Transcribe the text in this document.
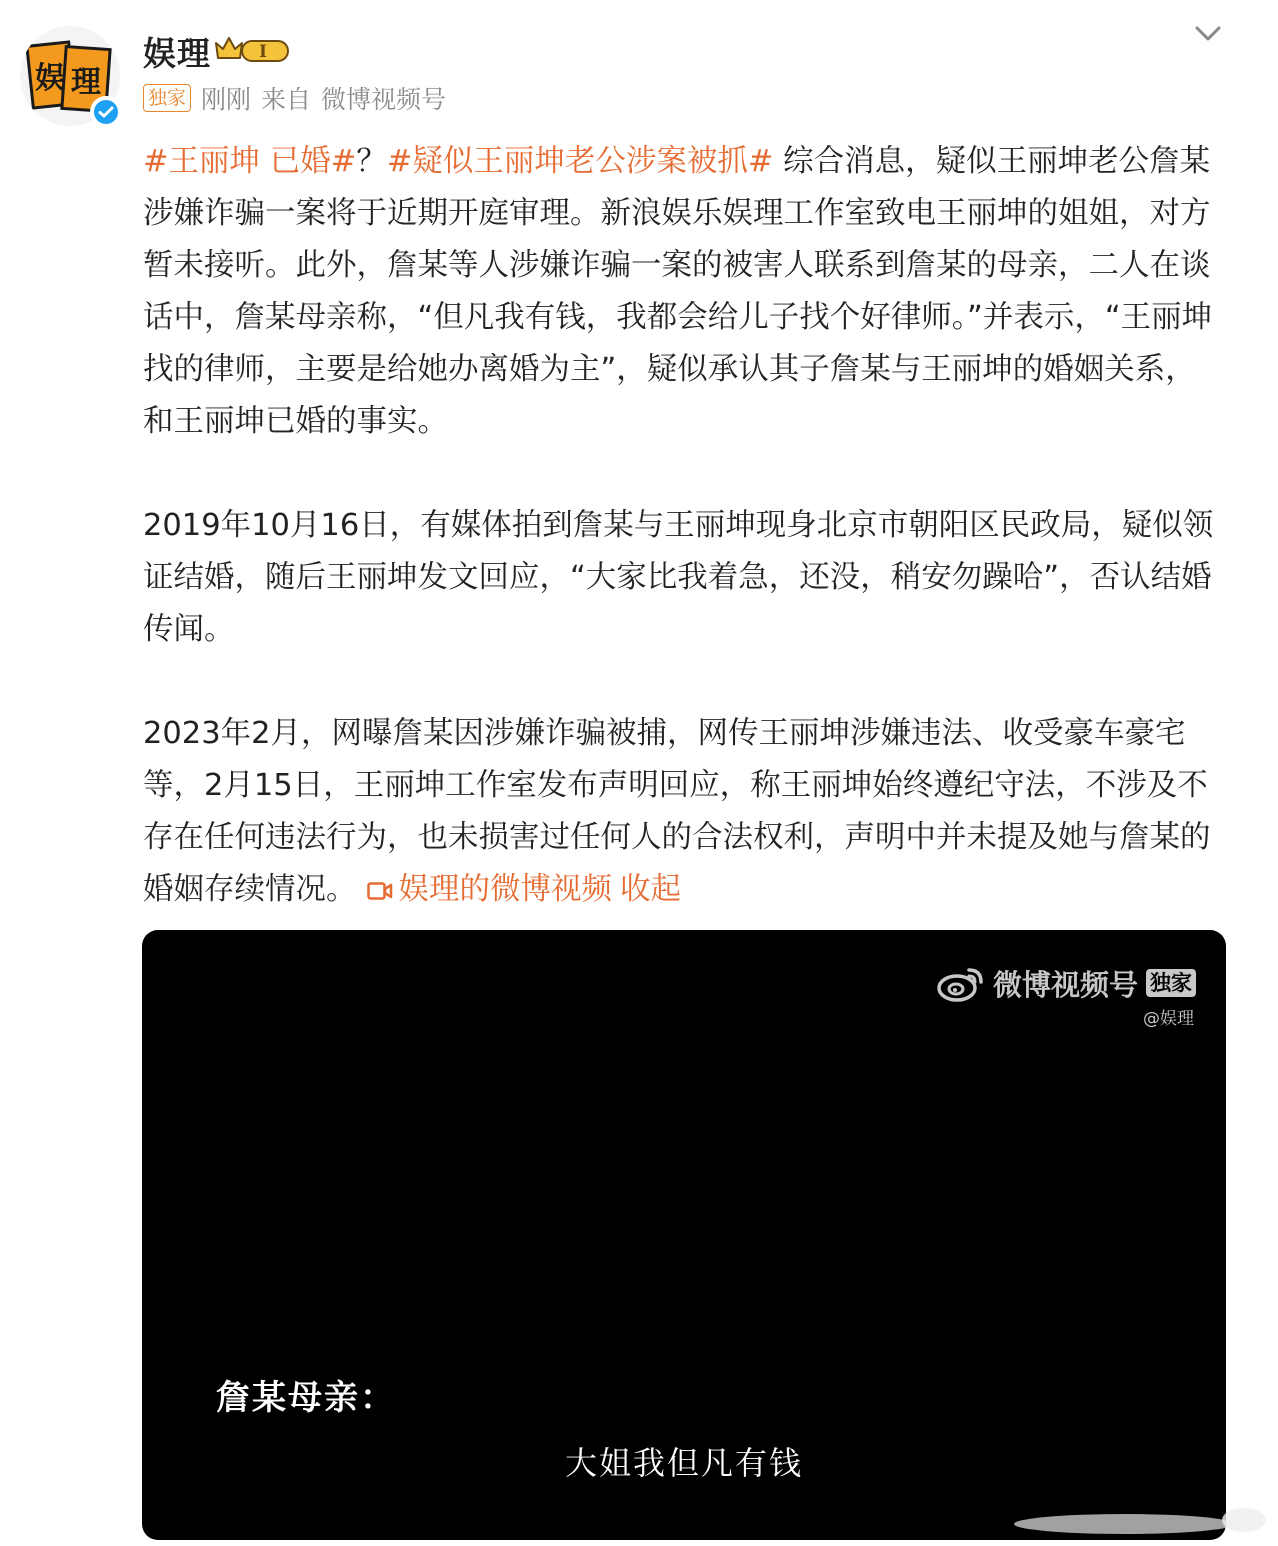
娱 理
娱理	I
独家 刚刚 来自 微博视频号

#王丽坤 已婚#？#疑似王丽坤老公涉案被抓# 综合消息，疑似王丽坤老公詹某涉嫌诈骗一案将于近期开庭审理。新浪娱乐娱理工作室致电王丽坤的姐姐，对方暂未接听。此外，詹某等人涉嫌诈骗一案的被害人联系到詹某的母亲，二人在谈话中，詹某母亲称，“但凡我有钱，我都会给儿子找个好律师。”并表示，“王丽坤找的律师，主要是给她办离婚为主”，疑似承认其子詹某与王丽坤的婚姻关系，和王丽坤已婚的事实。

2019年10月16日，有媒体拍到詹某与王丽坤现身北京市朝阳区民政局，疑似领证结婚，随后王丽坤发文回应，“大家比我着急，还没，稍安勿躁哈”，否认结婚传闻。

2023年2月，网曝詹某因涉嫌诈骗被捕，网传王丽坤涉嫌违法、收受豪车豪宅等，2月15日，王丽坤工作室发布声明回应，称王丽坤始终遵纪守法，不涉及不存在任何违法行为，也未损害过任何人的合法权利，声明中并未提及她与詹某的婚姻存续情况。 娱理的微博视频 收起

微博视频号 独家
@娱理
詹某母亲：
大姐我但凡有钱
